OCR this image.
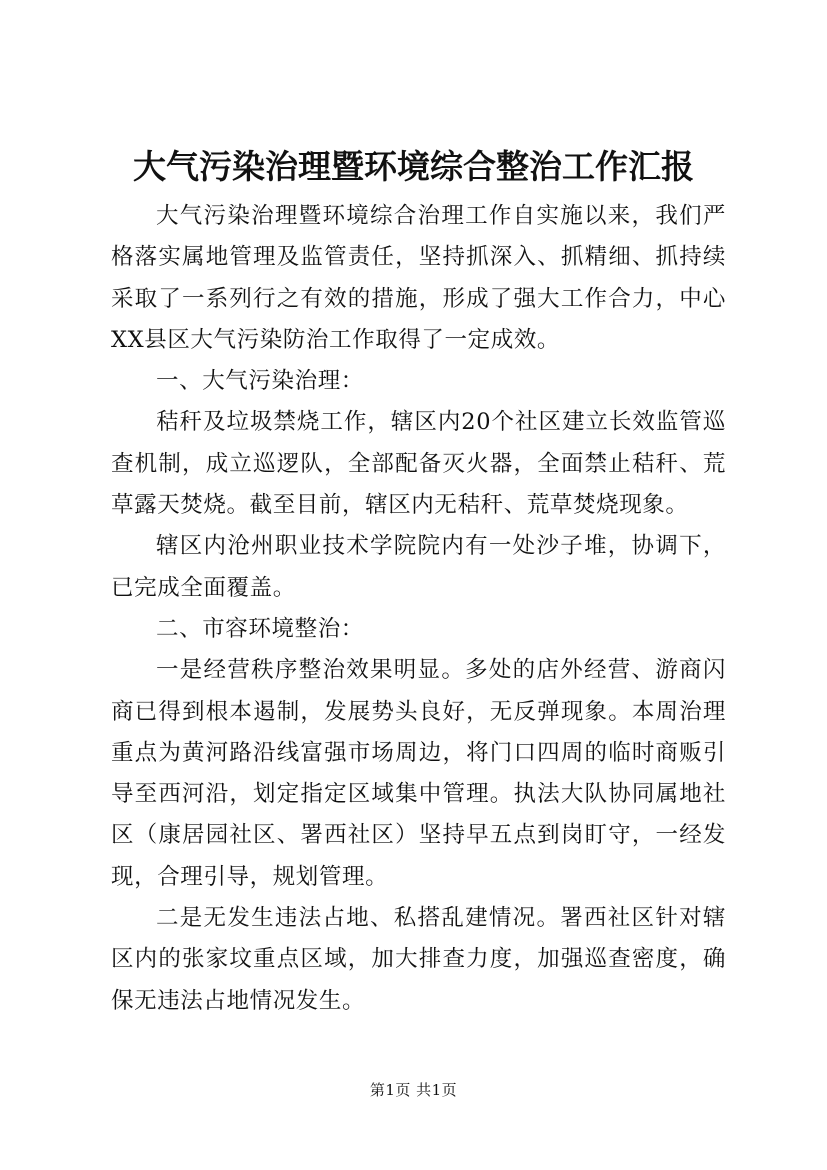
大气污染治理暨环境综合整治工作汇报

大气污染治理暨环境综合治理工作自实施以来，我们严格落实属地管理及监管责任，坚持抓深入、抓精细、抓持续采取了一系列行之有效的措施，形成了强大工作合力，中心XX县区大气污染防治工作取得了一定成效。

一、大气污染治理：

秸秆及垃圾禁烧工作，辖区内20个社区建立长效监管巡查机制，成立巡逻队，全部配备灭火器，全面禁止秸秆、荒草露天焚烧。截至目前，辖区内无秸秆、荒草焚烧现象。

辖区内沧州职业技术学院院内有一处沙子堆，协调下，已完成全面覆盖。

二、市容环境整治：

一是经营秩序整治效果明显。多处的店外经营、游商闪商已得到根本遏制，发展势头良好，无反弹现象。本周治理重点为黄河路沿线富强市场周边，将门口四周的临时商贩引导至西河沿，划定指定区域集中管理。执法大队协同属地社区（康居园社区、署西社区）坚持早五点到岗盯守，一经发现，合理引导，规划管理。

二是无发生违法占地、私搭乱建情况。署西社区针对辖区内的张家坟重点区域，加大排查力度，加强巡查密度，确保无违法占地情况发生。

第1页 共1页
